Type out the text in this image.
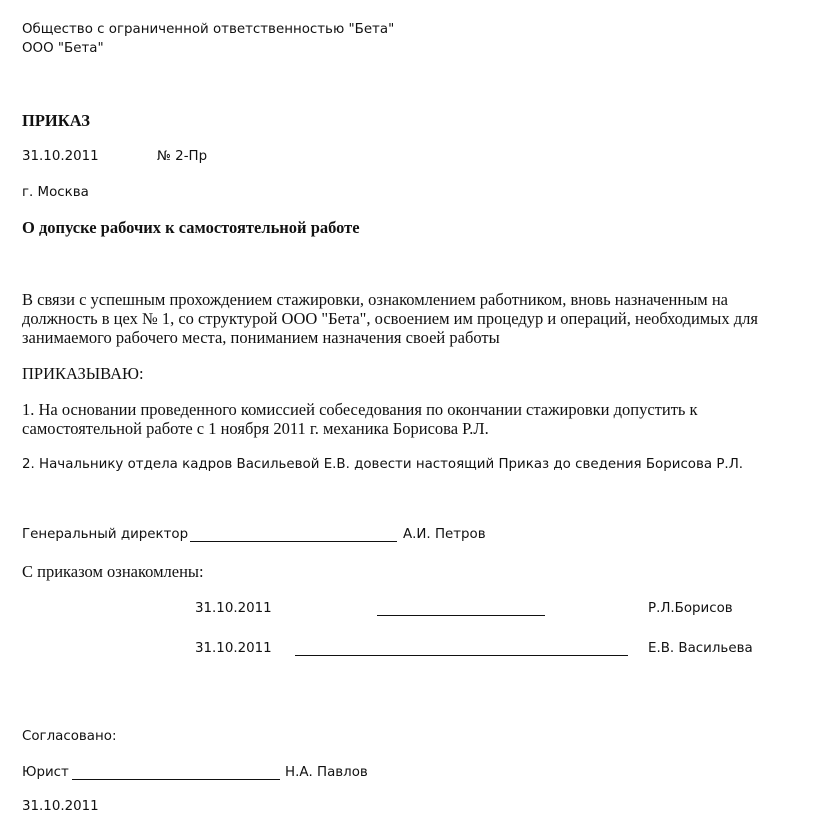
Общество с ограниченной ответственностью "Бета"
ООО "Бета"
ПРИКАЗ
31.10.2011	№ 2-Пр
г. Москва
О допуске рабочих к самостоятельной работе
В связи с успешным прохождением стажировки, ознакомлением работником, вновь назначенным на
должность в цех № 1, со структурой ООО "Бета", освоением им процедур и операций, необходимых для
занимаемого рабочего места, пониманием назначения своей работы
ПРИКАЗЫВАЮ:
1. На основании проведенного комиссией собеседования по окончании стажировки допустить к
самостоятельной работе с 1 ноября 2011 г. механика Борисова Р.Л.
2. Начальнику отдела кадров Васильевой Е.В. довести настоящий Приказ до сведения Борисова Р.Л.
Генеральный директор	А.И. Петров
С приказом ознакомлены:
31.10.2011	Р.Л.Борисов
31.10.2011	Е.В. Васильева
Согласовано:
Юрист	Н.А. Павлов
31.10.2011
